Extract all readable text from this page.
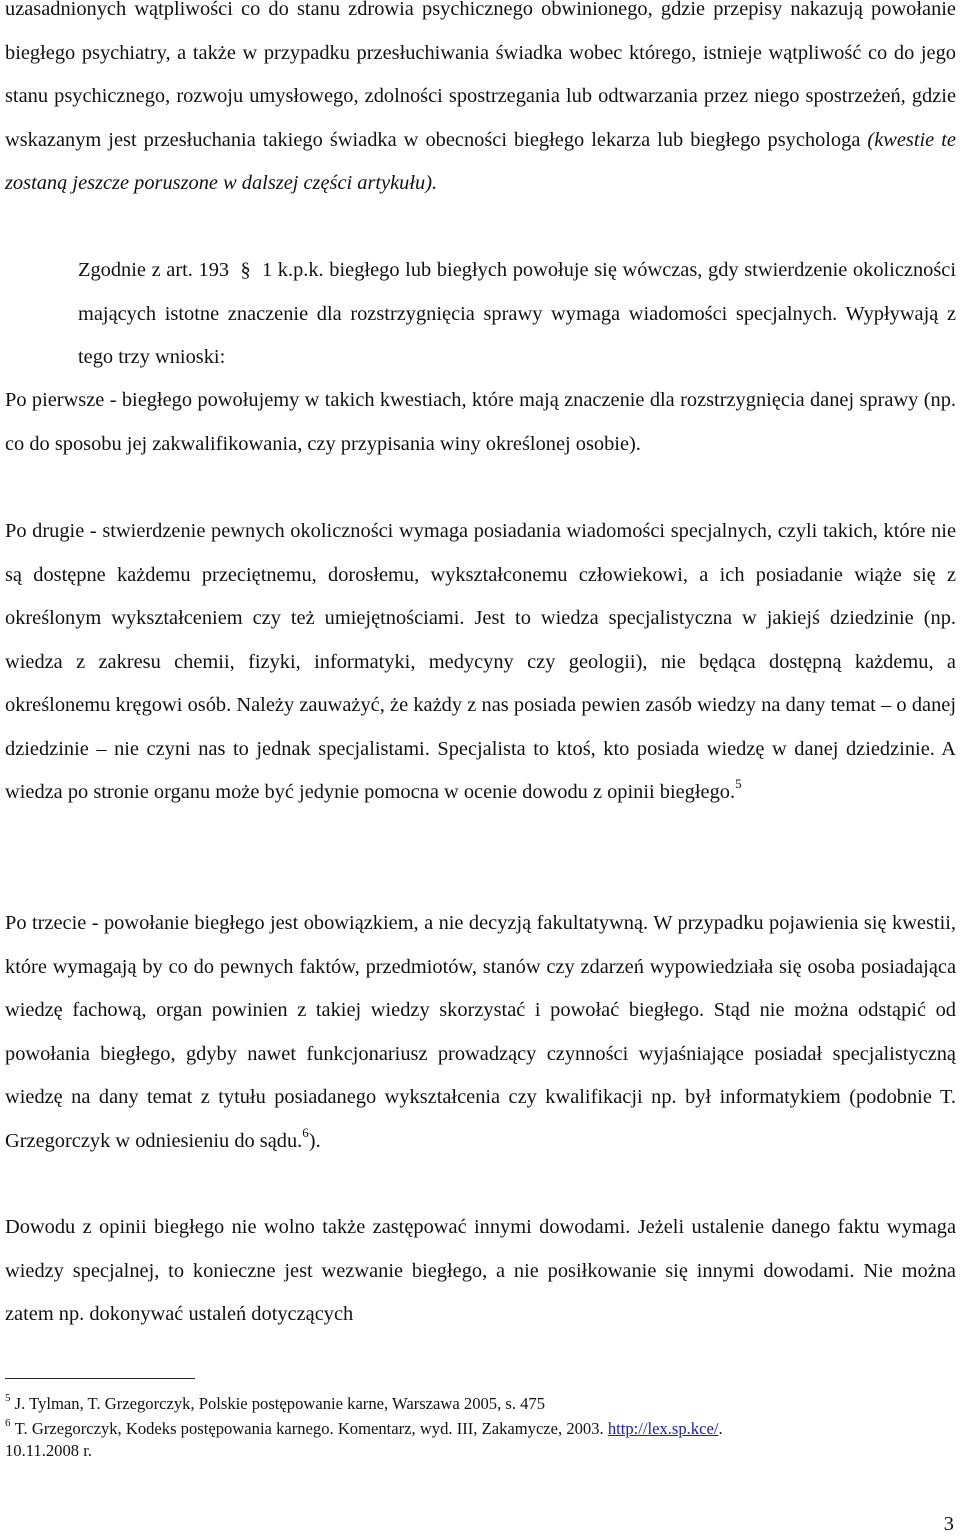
uzasadnionych wątpliwości co do stanu zdrowia psychicznego obwinionego, gdzie przepisy nakazują powołanie biegłego psychiatry, a także w przypadku przesłuchiwania świadka wobec którego, istnieje wątpliwość co do jego stanu psychicznego, rozwoju umysłowego, zdolności spostrzegania lub odtwarzania przez niego spostrzeżeń, gdzie wskazanym jest przesłuchania takiego świadka w obecności biegłego lekarza lub biegłego psychologa (kwestie te zostaną jeszcze poruszone w dalszej części artykułu).

Zgodnie z art. 193 § 1 k.p.k. biegłego lub biegłych powołuje się wówczas, gdy stwierdzenie okoliczności mających istotne znaczenie dla rozstrzygnięcia sprawy wymaga wiadomości specjalnych. Wypływają z tego trzy wnioski:

Po pierwsze - biegłego powołujemy w takich kwestiach, które mają znaczenie dla rozstrzygnięcia danej sprawy (np. co do sposobu jej zakwalifikowania, czy przypisania winy określonej osobie).

Po drugie - stwierdzenie pewnych okoliczności wymaga posiadania wiadomości specjalnych, czyli takich, które nie są dostępne każdemu przeciętnemu, dorosłemu, wykształconemu człowiekowi, a ich posiadanie wiąże się z określonym wykształceniem czy też umiejętnościami. Jest to wiedza specjalistyczna w jakiejś dziedzinie (np. wiedza z zakresu chemii, fizyki, informatyki, medycyny czy geologii), nie będąca dostępną każdemu, a określonemu kręgowi osób. Należy zauważyć, że każdy z nas posiada pewien zasób wiedzy na dany temat – o danej dziedzinie – nie czyni nas to jednak specjalistami. Specjalista to ktoś, kto posiada wiedzę w danej dziedzinie. A wiedza po stronie organu może być jedynie pomocna w ocenie dowodu z opinii biegłego.$^5$

Po trzecie - powołanie biegłego jest obowiązkiem, a nie decyzją fakultatywną. W przypadku pojawienia się kwestii, które wymagają by co do pewnych faktów, przedmiotów, stanów czy zdarzeń wypowiedziała się osoba posiadająca wiedzę fachową, organ powinien z takiej wiedzy skorzystać i powołać biegłego. Stąd nie można odstąpić od powołania biegłego, gdyby nawet funkcjonariusz prowadzący czynności wyjaśniające posiadał specjalistyczną wiedzę na dany temat z tytułu posiadanego wykształcenia czy kwalifikacji np. był informatykiem (podobnie T. Grzegorczyk w odniesieniu do sądu.$^6$).

Dowodu z opinii biegłego nie wolno także zastępować innymi dowodami. Jeżeli ustalenie danego faktu wymaga wiedzy specjalnej, to konieczne jest wezwanie biegłego, a nie posiłkowanie się innymi dowodami. Nie można zatem np. dokonywać ustaleń dotyczących

$^5$ J. Tylman, T. Grzegorczyk, Polskie postępowanie karne, Warszawa 2005, s. 475

$^6$ T. Grzegorczyk, Kodeks postępowania karnego. Komentarz, wyd. III, Zakamycze, 2003. http://lex.sp.kce/.
10.11.2008 r.

3
